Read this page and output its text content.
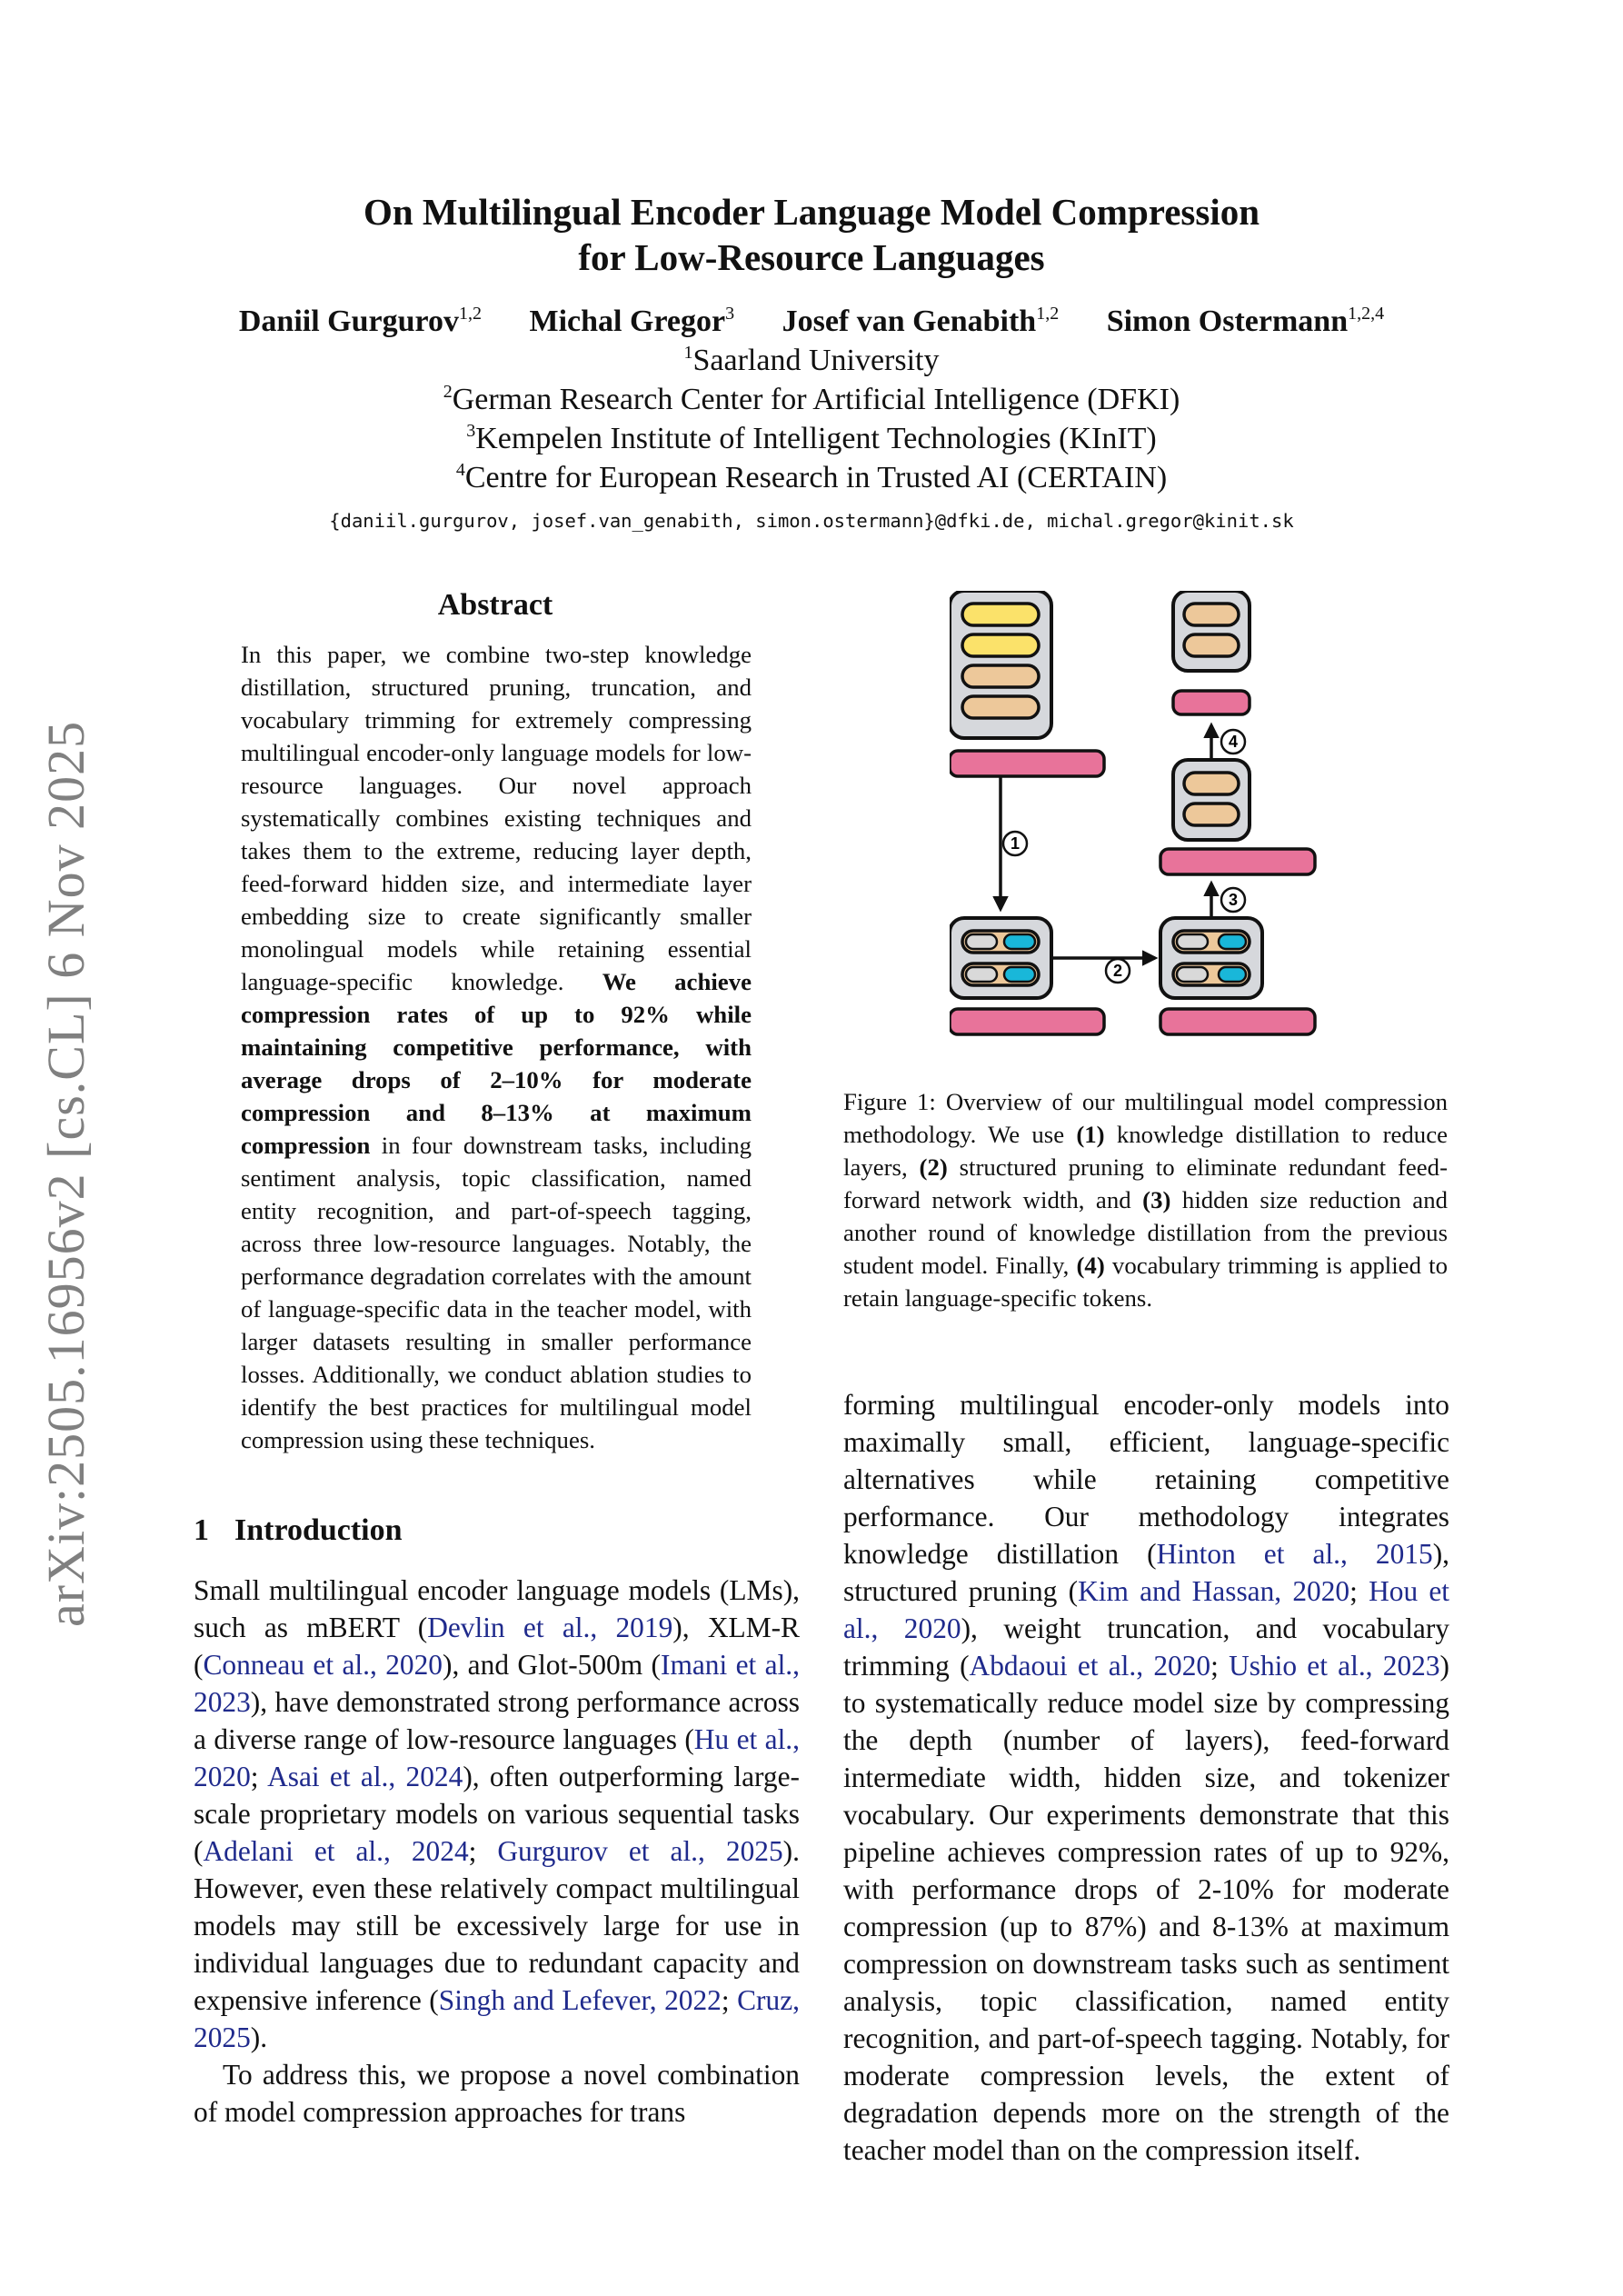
arXiv:2505.16956v2 [cs.CL] 6 Nov 2025
On Multilingual Encoder Language Model Compression
for Low-Resource Languages
Daniil Gurgurov$^{1,2}$ Michal Gregor$^3$ Josef van Genabith$^{1,2}$ Simon Ostermann$^{1,2,4}$
$^1$Saarland University
$^2$German Research Center for Artificial Intelligence (DFKI)
$^3$Kempelen Institute of Intelligent Technologies (KInIT)
$^4$Centre for European Research in Trusted AI (CERTAIN)
{daniil.gurgurov, josef.van_genabith, simon.ostermann}@dfki.de, michal.gregor@kinit.sk
Abstract

In this paper, we combine two-step knowledge distillation, structured pruning, truncation, and vocabulary trimming for extremely compressing multilingual encoder-only language models for low-resource languages. Our novel approach systematically combines existing techniques and takes them to the extreme, reducing layer depth, feed-forward hidden size, and intermediate layer embedding size to create significantly smaller monolingual models while retaining essential language-specific knowledge. We achieve compression rates of up to 92% while maintaining competitive performance, with average drops of 2–10% for moderate compression and 8–13% at maximum compression in four downstream tasks, including sentiment analysis, topic classification, named entity recognition, and part-of-speech tagging, across three low-resource languages. Notably, the performance degradation correlates with the amount of language-specific data in the teacher model, with larger datasets resulting in smaller performance losses. Additionally, we conduct ablation studies to identify the best practices for multilingual model compression using these techniques.

1 Introduction

Small multilingual encoder language models (LMs), such as mBERT (Devlin et al., 2019), XLM-R (Conneau et al., 2020), and Glot-500m (Imani et al., 2023), have demonstrated strong performance across a diverse range of low-resource languages (Hu et al., 2020; Asai et al., 2024), often outperforming large-scale proprietary models on various sequential tasks (Adelani et al., 2024; Gurgurov et al., 2025). However, even these relatively compact multilingual models may still be excessively large for use in individual languages due to redundant capacity and expensive inference (Singh and Lefever, 2022; Cruz, 2025).

To address this, we propose a novel combination of model compression approaches for trans

1
2
3
4
Figure 1: Overview of our multilingual model compression methodology. We use (1) knowledge distillation to reduce layers, (2) structured pruning to eliminate redundant feed-forward network width, and (3) hidden size reduction and another round of knowledge distillation from the previous student model. Finally, (4) vocabulary trimming is applied to retain language-specific tokens.

forming multilingual encoder-only models into maximally small, efficient, language-specific alternatives while retaining competitive performance. Our methodology integrates knowledge distillation (Hinton et al., 2015), structured pruning (Kim and Hassan, 2020; Hou et al., 2020), weight truncation, and vocabulary trimming (Abdaoui et al., 2020; Ushio et al., 2023) to systematically reduce model size by compressing the depth (number of layers), feed-forward intermediate width, hidden size, and tokenizer vocabulary. Our experiments demonstrate that this pipeline achieves compression rates of up to 92%, with performance drops of 2-10% for moderate compression (up to 87%) and 8-13% at maximum compression on downstream tasks such as sentiment analysis, topic classification, named entity recognition, and part-of-speech tagging. Notably, for moderate compression levels, the extent of degradation depends more on the strength of the teacher model than on the compression itself.
